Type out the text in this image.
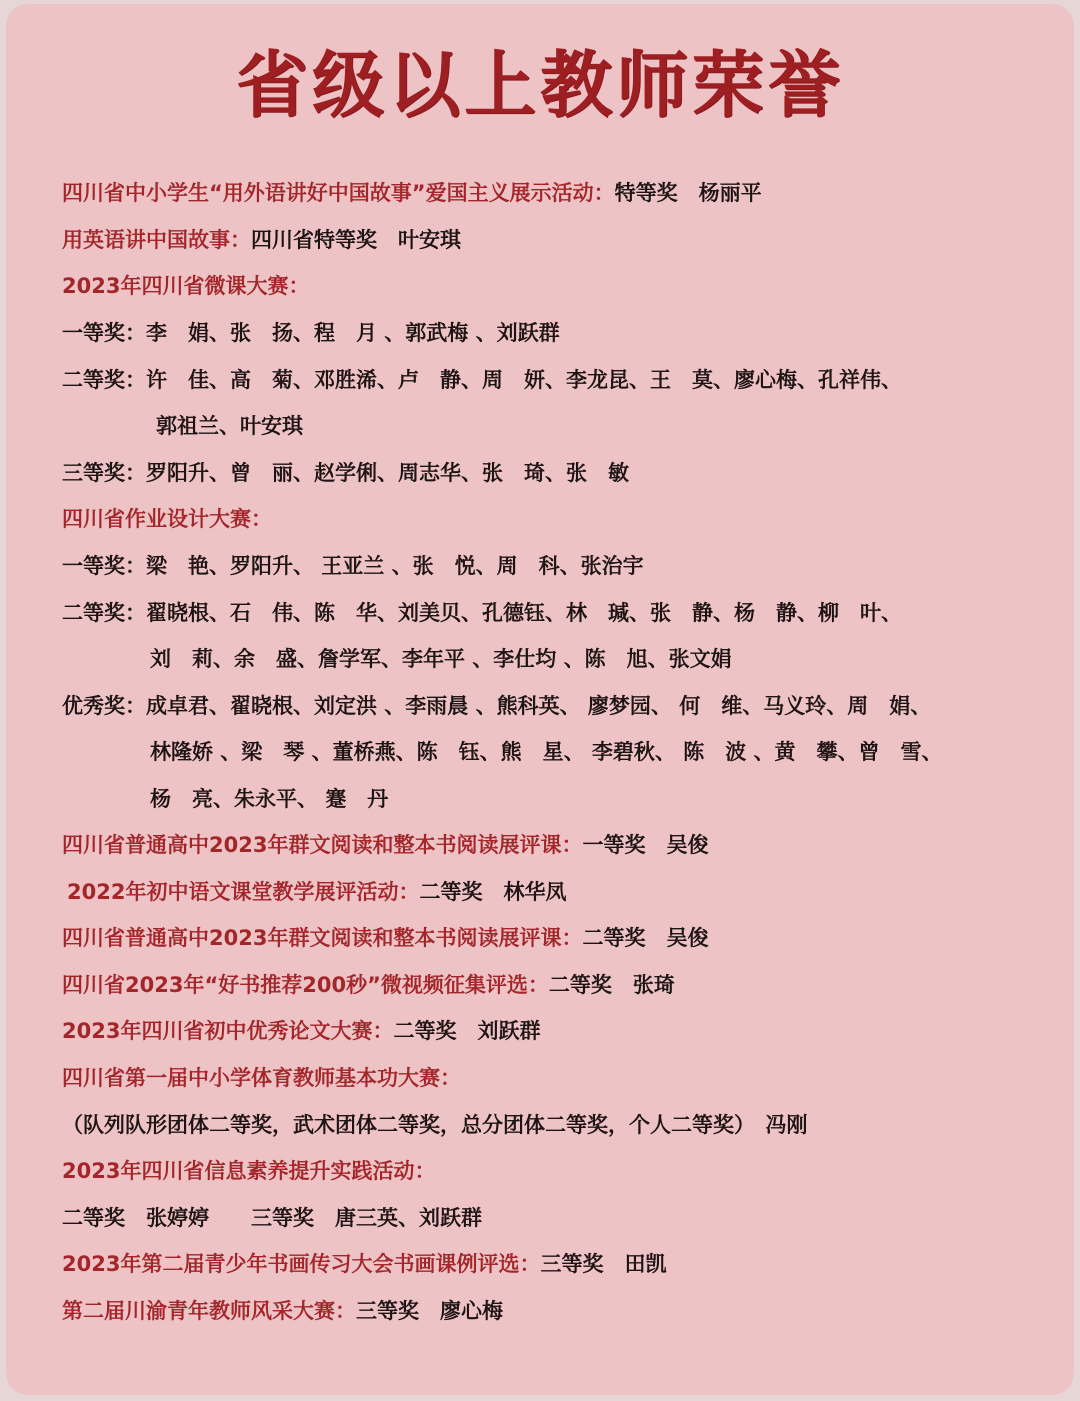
省级以上教师荣誉
四川省中小学生“用外语讲好中国故事”爱国主义展示活动：特等奖　杨丽平
用英语讲中国故事：四川省特等奖　叶安琪
2023年四川省微课大赛：
一等奖：李　娟、张　扬、程　月 、郭武梅 、刘跃群
二等奖：许　佳、高　菊、邓胜浠、卢　静、周　妍、李龙昆、王　莫、廖心梅、孔祥伟、
郭祖兰、叶安琪
三等奖：罗阳升、曾　丽、赵学俐、周志华、张　琦、张　敏
四川省作业设计大赛：
一等奖：梁　艳、罗阳升、 王亚兰 、张　悦、周　科、张治宇
二等奖：翟晓根、石　伟、陈　华、刘美贝、孔德钰、林　瑊、张　静、杨　静、柳　叶、
刘　莉、余　盛、詹学军、李年平 、李仕均 、陈　旭、张文娟
优秀奖：成卓君、翟晓根、刘定洪 、李雨晨 、熊科英、 廖梦园、 何　维、马义玲、周　娟、
林隆娇 、梁　琴 、董桥燕、陈　钰、熊　星、 李碧秋、 陈　波 、黄　攀、曾　雪、
杨　亮、朱永平、 蹇　丹
四川省普通高中2023年群文阅读和整本书阅读展评课：一等奖　吴俊
2022年初中语文课堂教学展评活动：二等奖　林华凤
四川省普通高中2023年群文阅读和整本书阅读展评课：二等奖　吴俊
四川省2023年“好书推荐200秒”微视频征集评选：二等奖　张琦
2023年四川省初中优秀论文大赛：二等奖　刘跃群
四川省第一届中小学体育教师基本功大赛：
（队列队形团体二等奖，武术团体二等奖，总分团体二等奖，个人二等奖）　冯刚
2023年四川省信息素养提升实践活动：
二等奖　张婷婷　　三等奖　唐三英、刘跃群
2023年第二届青少年书画传习大会书画课例评选：三等奖　田凯
第二届川渝青年教师风采大赛：三等奖　廖心梅
